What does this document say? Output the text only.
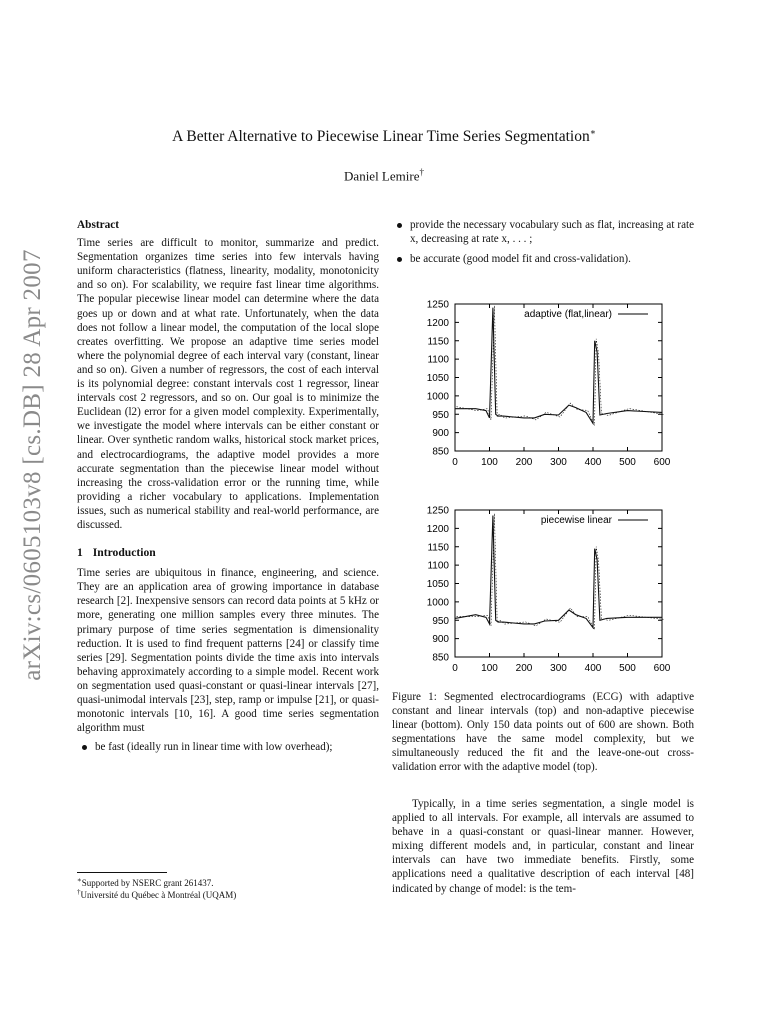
arXiv:cs/0605103v8 [cs.DB] 28 Apr 2007
A Better Alternative to Piecewise Linear Time Series Segmentation∗
Daniel Lemire†

Abstract

Time series are difficult to monitor, summarize and predict. Segmentation organizes time series into few intervals having uniform characteristics (flatness, linearity, modality, monotonicity and so on). For scalability, we require fast linear time algorithms. The popular piecewise linear model can determine where the data goes up or down and at what rate. Unfortunately, when the data does not follow a linear model, the computation of the local slope creates overfitting. We propose an adaptive time series model where the polynomial degree of each interval vary (constant, linear and so on). Given a number of regressors, the cost of each interval is its polynomial degree: constant intervals cost 1 regressor, linear intervals cost 2 regressors, and so on. Our goal is to minimize the Euclidean (l2) error for a given model complexity. Experimentally, we investigate the model where intervals can be either constant or linear. Over synthetic random walks, historical stock market prices, and electrocardiograms, the adaptive model provides a more accurate segmentation than the piecewise linear model without increasing the cross-validation error or the running time, while providing a richer vocabulary to applications. Implementation issues, such as numerical stability and real-world performance, are discussed.

1 Introduction

Time series are ubiquitous in finance, engineering, and science. They are an application area of growing importance in database research [2]. Inexpensive sensors can record data points at 5 kHz or more, generating one million samples every three minutes. The primary purpose of time series segmentation is dimensionality reduction. It is used to find frequent patterns [24] or classify time series [29]. Segmentation points divide the time axis into intervals behaving approximately according to a simple model. Recent work on segmentation used quasi-constant or quasi-linear intervals [27], quasi-unimodal intervals [23], step, ramp or impulse [21], or quasi-monotonic intervals [10, 16]. A good time series segmentation algorithm must

be fast (ideally run in linear time with low overhead);

provide the necessary vocabulary such as flat, increasing at rate x, decreasing at rate x, . . . ;

be accurate (good model fit and cross-validation).

850
900
950
1000
1050
1100
1150
1200
1250
0 100 200 300 400 500 600
adaptive (flat,linear)
850
900
950
1000
1050
1100
1150
1200
1250
0 100 200 300 400 500 600
piecewise linear

Figure 1: Segmented electrocardiograms (ECG) with adaptive constant and linear intervals (top) and non-adaptive piecewise linear (bottom). Only 150 data points out of 600 are shown. Both segmentations have the same model complexity, but we simultaneously reduced the fit and the leave-one-out cross-validation error with the adaptive model (top).

Typically, in a time series segmentation, a single model is applied to all intervals. For example, all intervals are assumed to behave in a quasi-constant or quasi-linear manner. However, mixing different models and, in particular, constant and linear intervals can have two immediate benefits. Firstly, some applications need a qualitative description of each interval [48] indicated by change of model: is the tem-

∗Supported by NSERC grant 261437.
†Université du Québec à Montréal (UQAM)
